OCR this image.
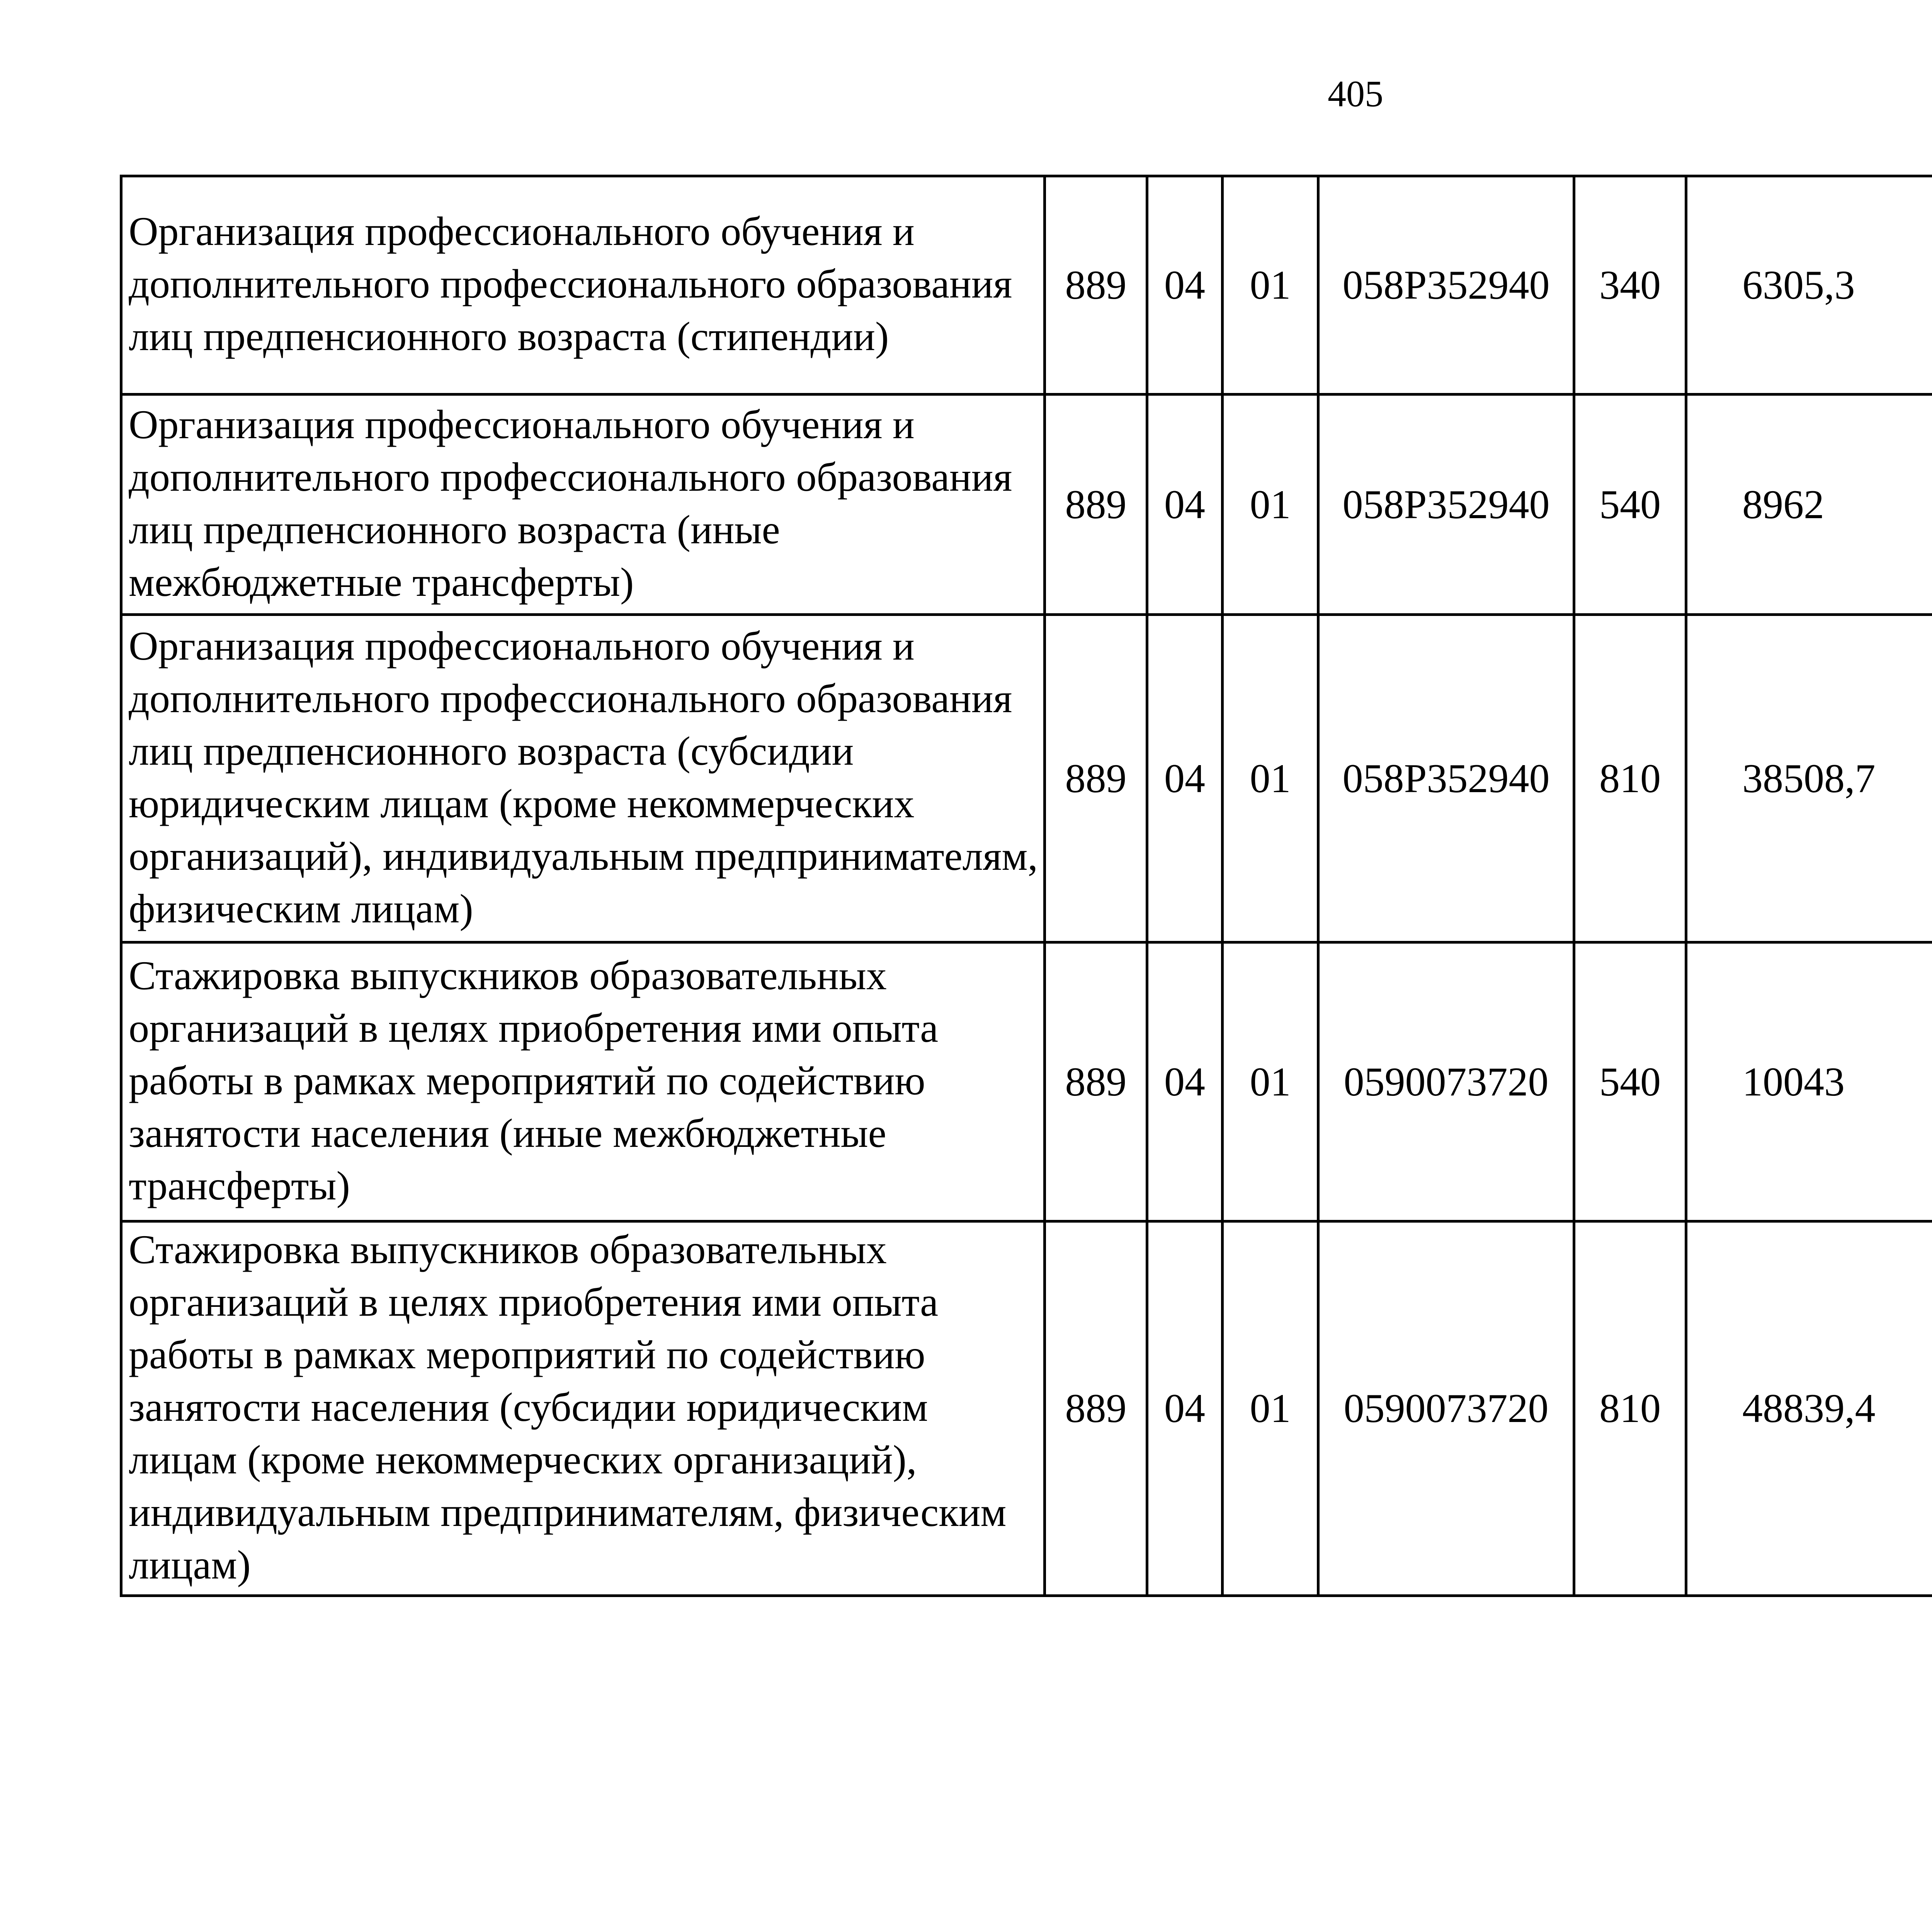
405
Организация профессионального обучения и дополнительного профессионального образования лиц предпенсионного возраста (стипендии)	889	04	01	058P352940	340	6305,3		
Организация профессионального обучения и дополнительного профессионального образования лиц предпенсионного возраста (иные межбюджетные трансферты)	889	04	01	058P352940	540	8962		
Организация профессионального обучения и дополнительного профессионального образования лиц предпенсионного возраста (субсидии юридическим лицам (кроме некоммерческих организаций), индивидуальным предпринимателям, физическим лицам)	889	04	01	058P352940	810	38508,7		
Стажировка выпускников образовательных организаций в целях приобретения ими опыта работы в рамках мероприятий по содействию занятости населения (иные межбюджетные трансферты)	889	04	01	0590073720	540	10043		
Стажировка выпускников образовательных организаций в целях приобретения ими опыта работы в рамках мероприятий по содействию занятости населения (субсидии юридическим лицам (кроме некоммерческих организаций), индивидуальным предпринимателям, физическим лицам)	889	04	01	0590073720	810	48839,4		
